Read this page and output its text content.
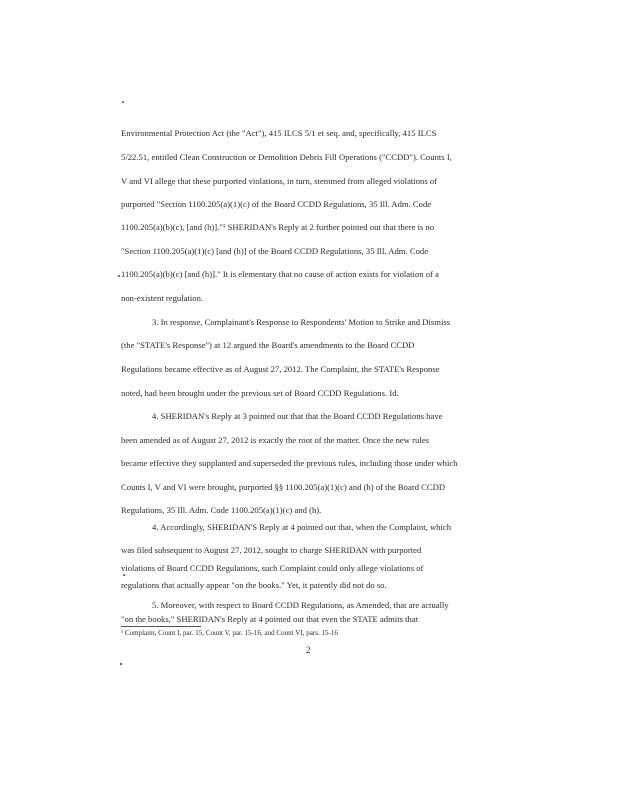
Environmental Protection Act (the "Act"), 415 ILCS 5/1 et seq. and, specifically, 415 ILCS
5/22.51, entitled Clean Construction or Demolition Debris Fill Operations ("CCDD"). Counts I,
V and VI allege that these purported violations, in turn, stemmed from alleged violations of
purported "Section 1100.205(a)(1)(c) of the Board CCDD Regulations, 35 Ill. Adm. Code
1100.205(a)(b)(c), [and (h)]."¹ SHERIDAN's Reply at 2 further pointed out that there is no
"Section 1100.205(a)(1)(c) [and (h)] of the Board CCDD Regulations, 35 Ill. Adm. Code
1100.205(a)(b)(c) [and (h)]." It is elementary that no cause of action exists for violation of a
non-existent regulation.
3. In response, Complainant's Response to Respondents' Motion to Strike and Dismiss
(the "STATE's Response") at 12 argued the Board's amendments to the Board CCDD
Regulations became effective as of August 27, 2012. The Complaint, the STATE's Response
noted, had been brought under the previous set of Board CCDD Regulations. Id.
4. SHERIDAN's Reply at 3 pointed out that that the Board CCDD Regulations have
been amended as of August 27, 2012 is exactly the root of the matter. Once the new rules
became effective they supplanted and superseded the previous rules, including those under which
Counts I, V and VI were brought, purported §§ 1100.205(a)(1)(c) and (h) of the Board CCDD
Regulations, 35 Ill. Adm. Code 1100.205(a)(1)(c) and (h).
4. Accordingly, SHERIDAN'S Reply at 4 pointed out that, when the Complaint, which
was filed subsequent to August 27, 2012, sought to charge SHERIDAN with purported
violations of Board CCDD Regulations, such Complaint could only allege violations of
regulations that actually appear "on the books." Yet, it patently did not do so.
5. Moreover, with respect to Board CCDD Regulations, as Amended, that are actually
"on the books," SHERIDAN's Reply at 4 pointed out that even the STATE admits that
¹ Complaint, Count I, par. 15, Count V, par. 15-16, and Count VI, pars. 15-16
2
